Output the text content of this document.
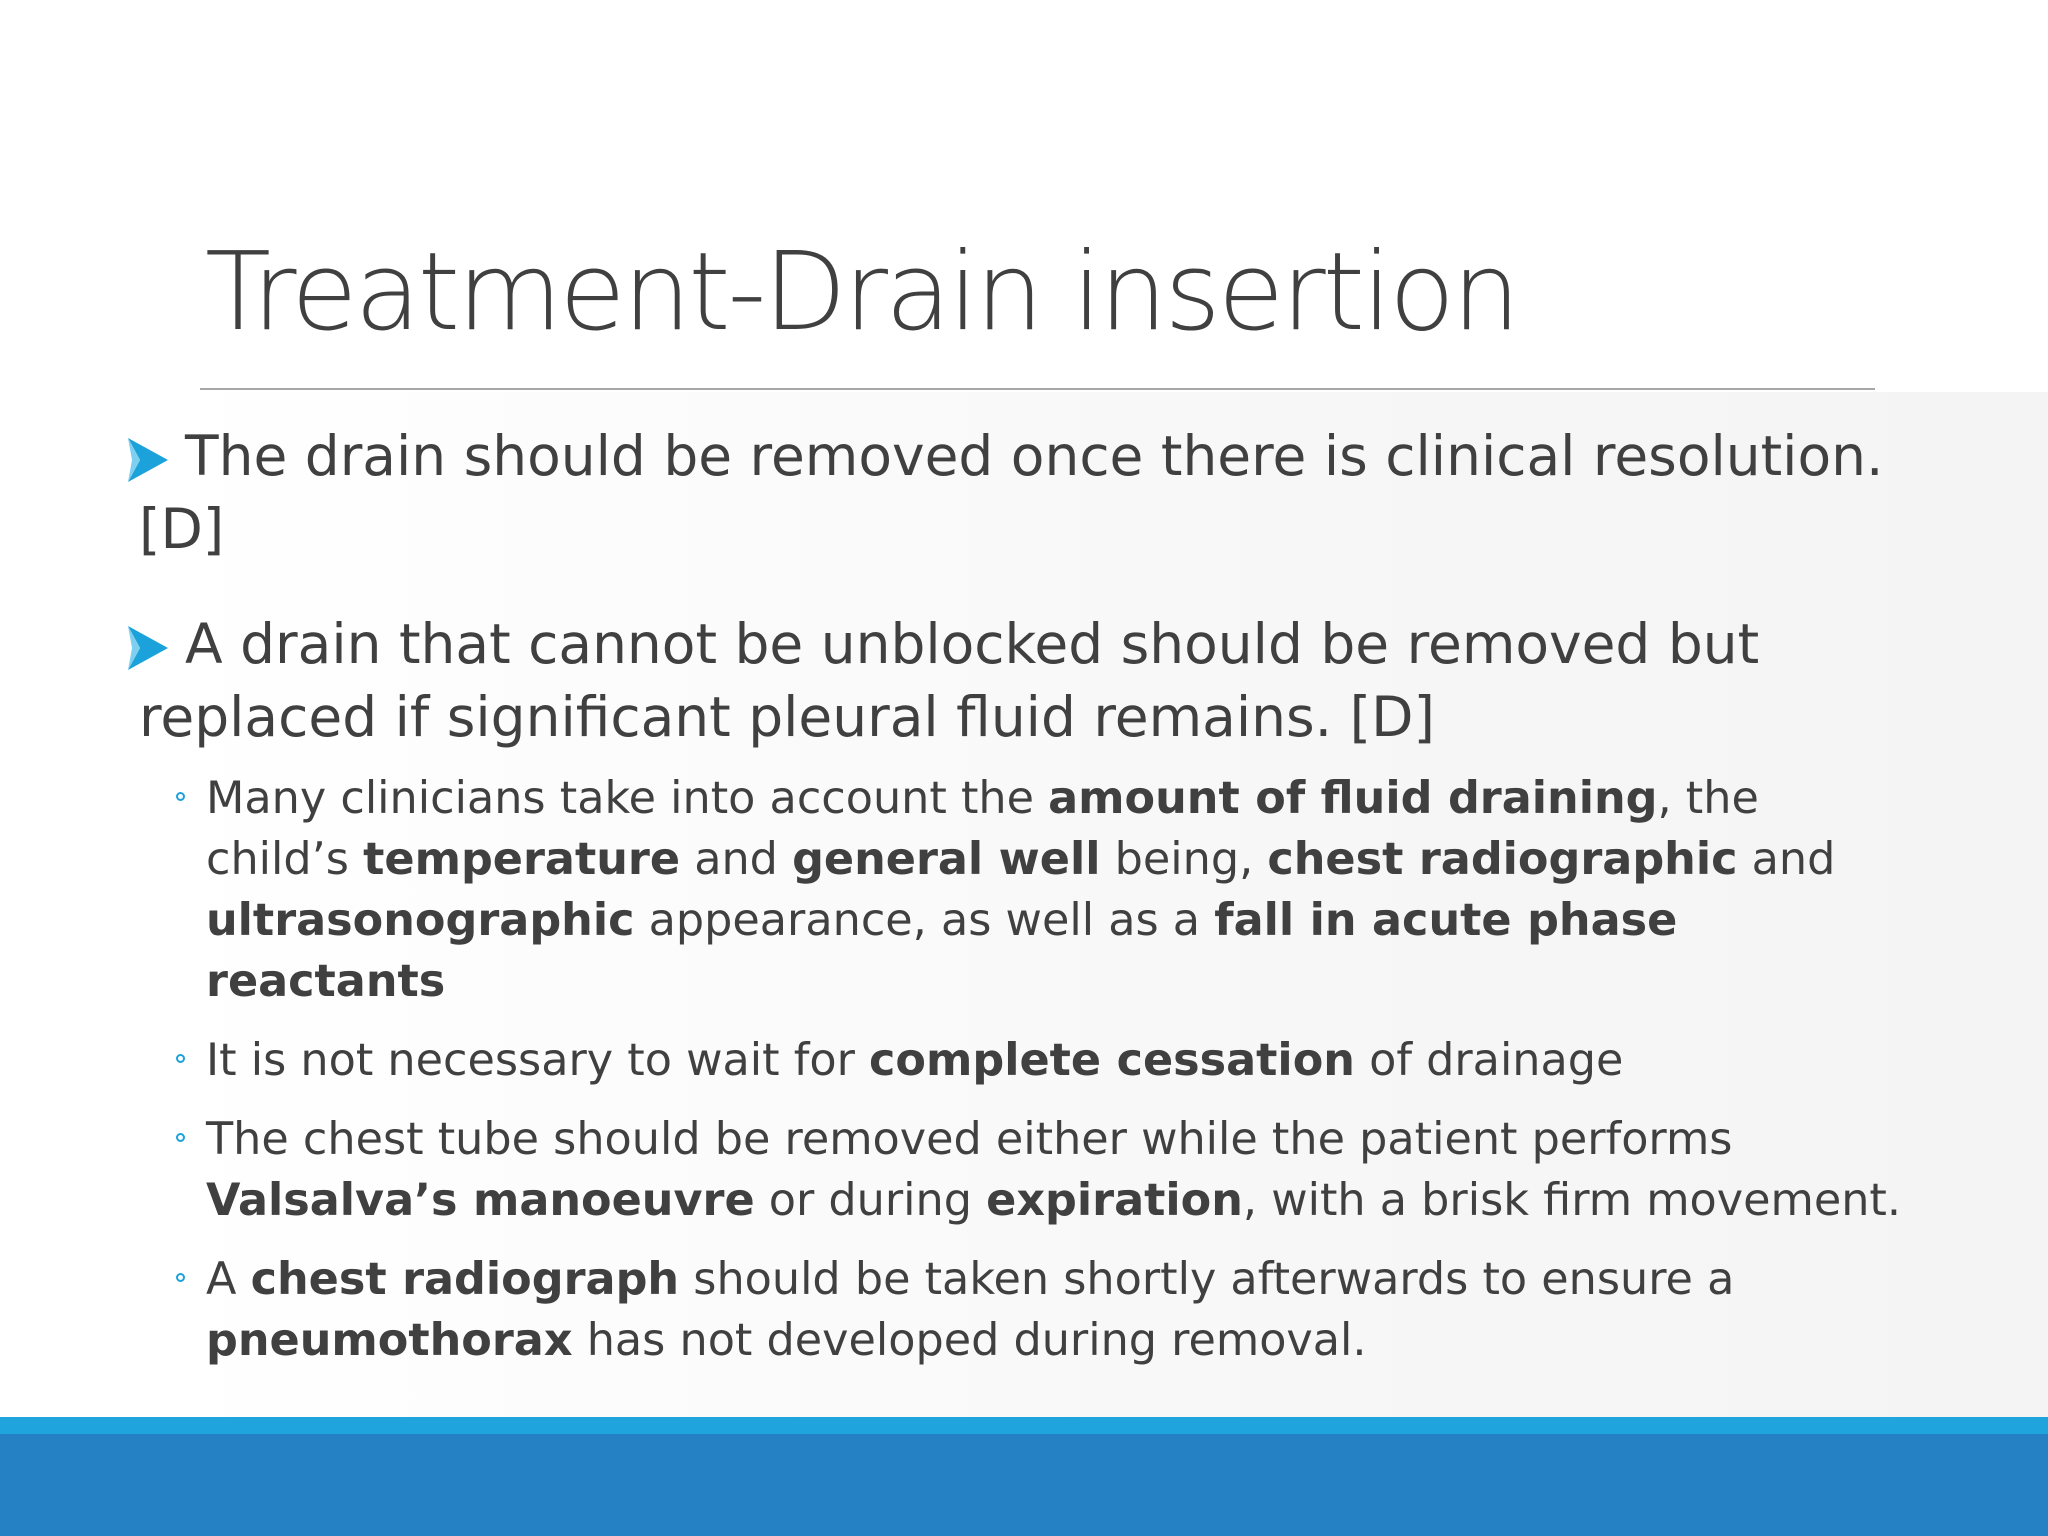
Treatment-Drain insertion
The drain should be removed once there is clinical resolution. [D]
A drain that cannot be unblocked should be removed but replaced if significant pleural fluid remains. [D]
Many clinicians take into account the amount of fluid draining, the child’s temperature and general well being, chest radiographic and ultrasonographic appearance, as well as a fall in acute phase reactants
It is not necessary to wait for complete cessation of drainage
The chest tube should be removed either while the patient performs Valsalva’s manoeuvre or during expiration, with a brisk firm movement.
A chest radiograph should be taken shortly afterwards to ensure a pneumothorax has not developed during removal.
